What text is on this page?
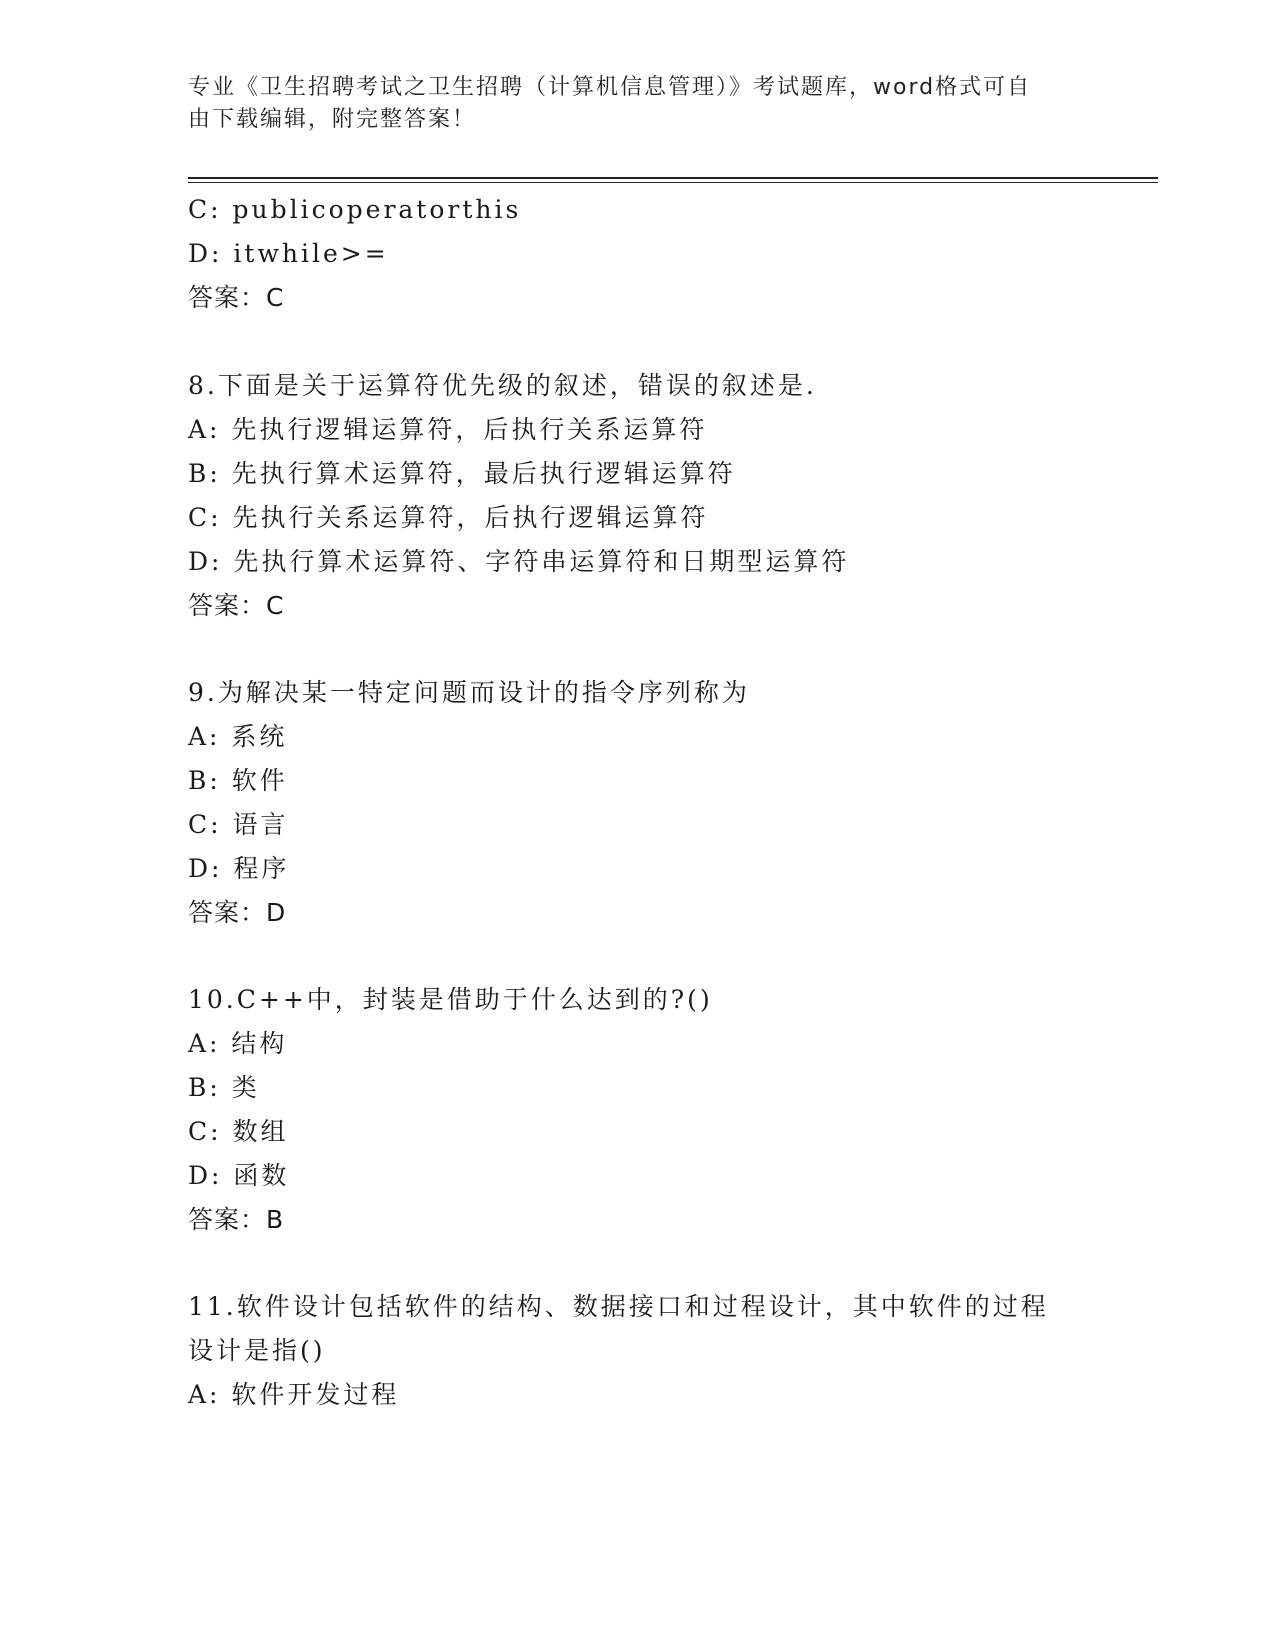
专业《卫生招聘考试之卫生招聘（计算机信息管理）》考试题库，word格式可自
由下载编辑，附完整答案！
C: publicoperatorthis
D: itwhile>=
答案：C
8.下面是关于运算符优先级的叙述，错误的叙述是.
A: 先执行逻辑运算符，后执行关系运算符
B: 先执行算术运算符，最后执行逻辑运算符
C: 先执行关系运算符，后执行逻辑运算符
D: 先执行算术运算符、字符串运算符和日期型运算符
答案：C
9.为解决某一特定问题而设计的指令序列称为
A: 系统
B: 软件
C: 语言
D: 程序
答案：D
10.C++中，封装是借助于什么达到的?()
A: 结构
B: 类
C: 数组
D: 函数
答案：B
11.软件设计包括软件的结构、数据接口和过程设计，其中软件的过程
设计是指()
A: 软件开发过程
